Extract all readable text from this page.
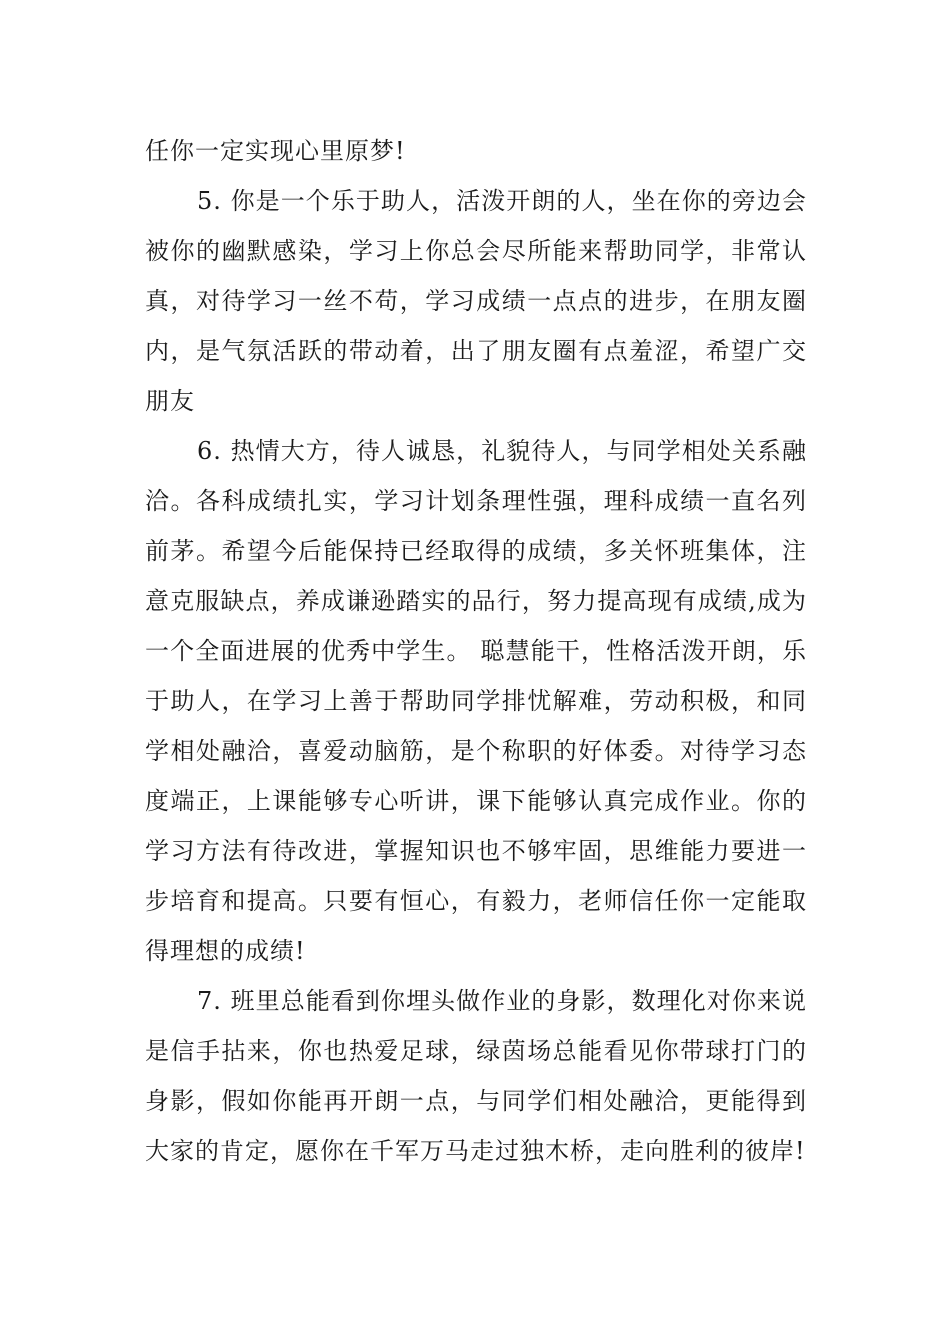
任你一定实现心里原梦!

5. 你是一个乐于助人，活泼开朗的人，坐在你的旁边会被你的幽默感染，学习上你总会尽所能来帮助同学，非常认真，对待学习一丝不苟，学习成绩一点点的进步，在朋友圈内，是气氛活跃的带动着，出了朋友圈有点羞涩，希望广交朋友

6. 热情大方，待人诚恳，礼貌待人，与同学相处关系融洽。各科成绩扎实，学习计划条理性强，理科成绩一直名列前茅。希望今后能保持已经取得的成绩，多关怀班集体，注意克服缺点，养成谦逊踏实的品行，努力提高现有成绩,成为一个全面进展的优秀中学生。 聪慧能干，性格活泼开朗，乐于助人，在学习上善于帮助同学排忧解难，劳动积极，和同学相处融洽，喜爱动脑筋，是个称职的好体委。对待学习态度端正，上课能够专心听讲，课下能够认真完成作业。你的学习方法有待改进，掌握知识也不够牢固，思维能力要进一步培育和提高。只要有恒心，有毅力，老师信任你一定能取得理想的成绩!

7. 班里总能看到你埋头做作业的身影，数理化对你来说是信手拈来，你也热爱足球，绿茵场总能看见你带球打门的身影，假如你能再开朗一点，与同学们相处融洽，更能得到大家的肯定，愿你在千军万马走过独木桥，走向胜利的彼岸!
